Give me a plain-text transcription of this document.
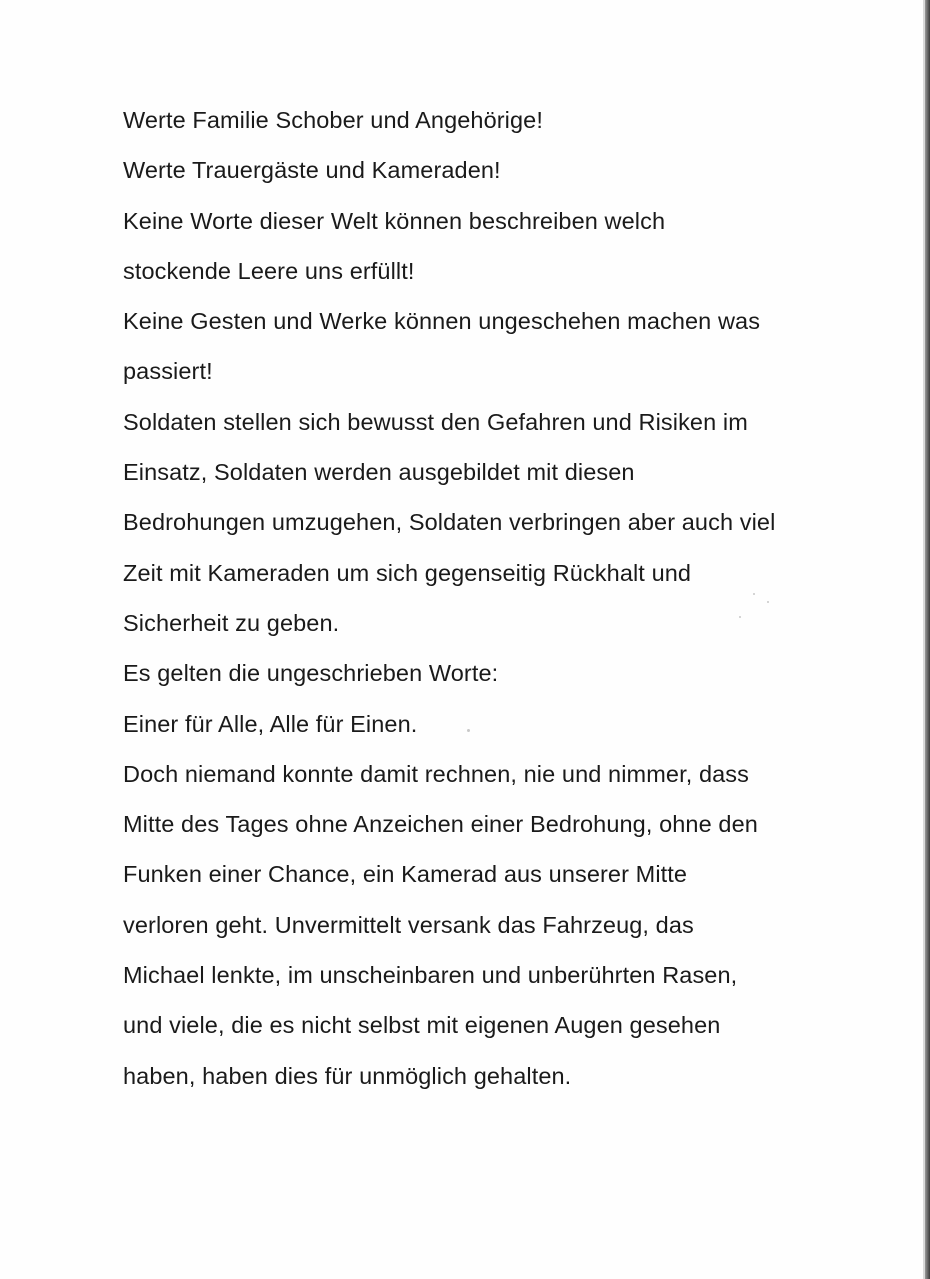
Werte Familie Schober und Angehörige!
Werte Trauergäste und Kameraden!
Keine Worte dieser Welt können beschreiben welch
stockende Leere uns erfüllt!
Keine Gesten und Werke können ungeschehen machen was
passiert!
Soldaten stellen sich bewusst den Gefahren und Risiken im
Einsatz, Soldaten werden ausgebildet mit diesen
Bedrohungen umzugehen, Soldaten verbringen aber auch viel
Zeit mit Kameraden um sich gegenseitig Rückhalt und
Sicherheit zu geben.
Es gelten die ungeschrieben Worte:
Einer für Alle, Alle für Einen.
Doch niemand konnte damit rechnen, nie und nimmer, dass
Mitte des Tages ohne Anzeichen einer Bedrohung, ohne den
Funken einer Chance, ein Kamerad aus unserer Mitte
verloren geht. Unvermittelt versank das Fahrzeug, das
Michael lenkte, im unscheinbaren und unberührten Rasen,
und viele, die es nicht selbst mit eigenen Augen gesehen
haben, haben dies für unmöglich gehalten.
